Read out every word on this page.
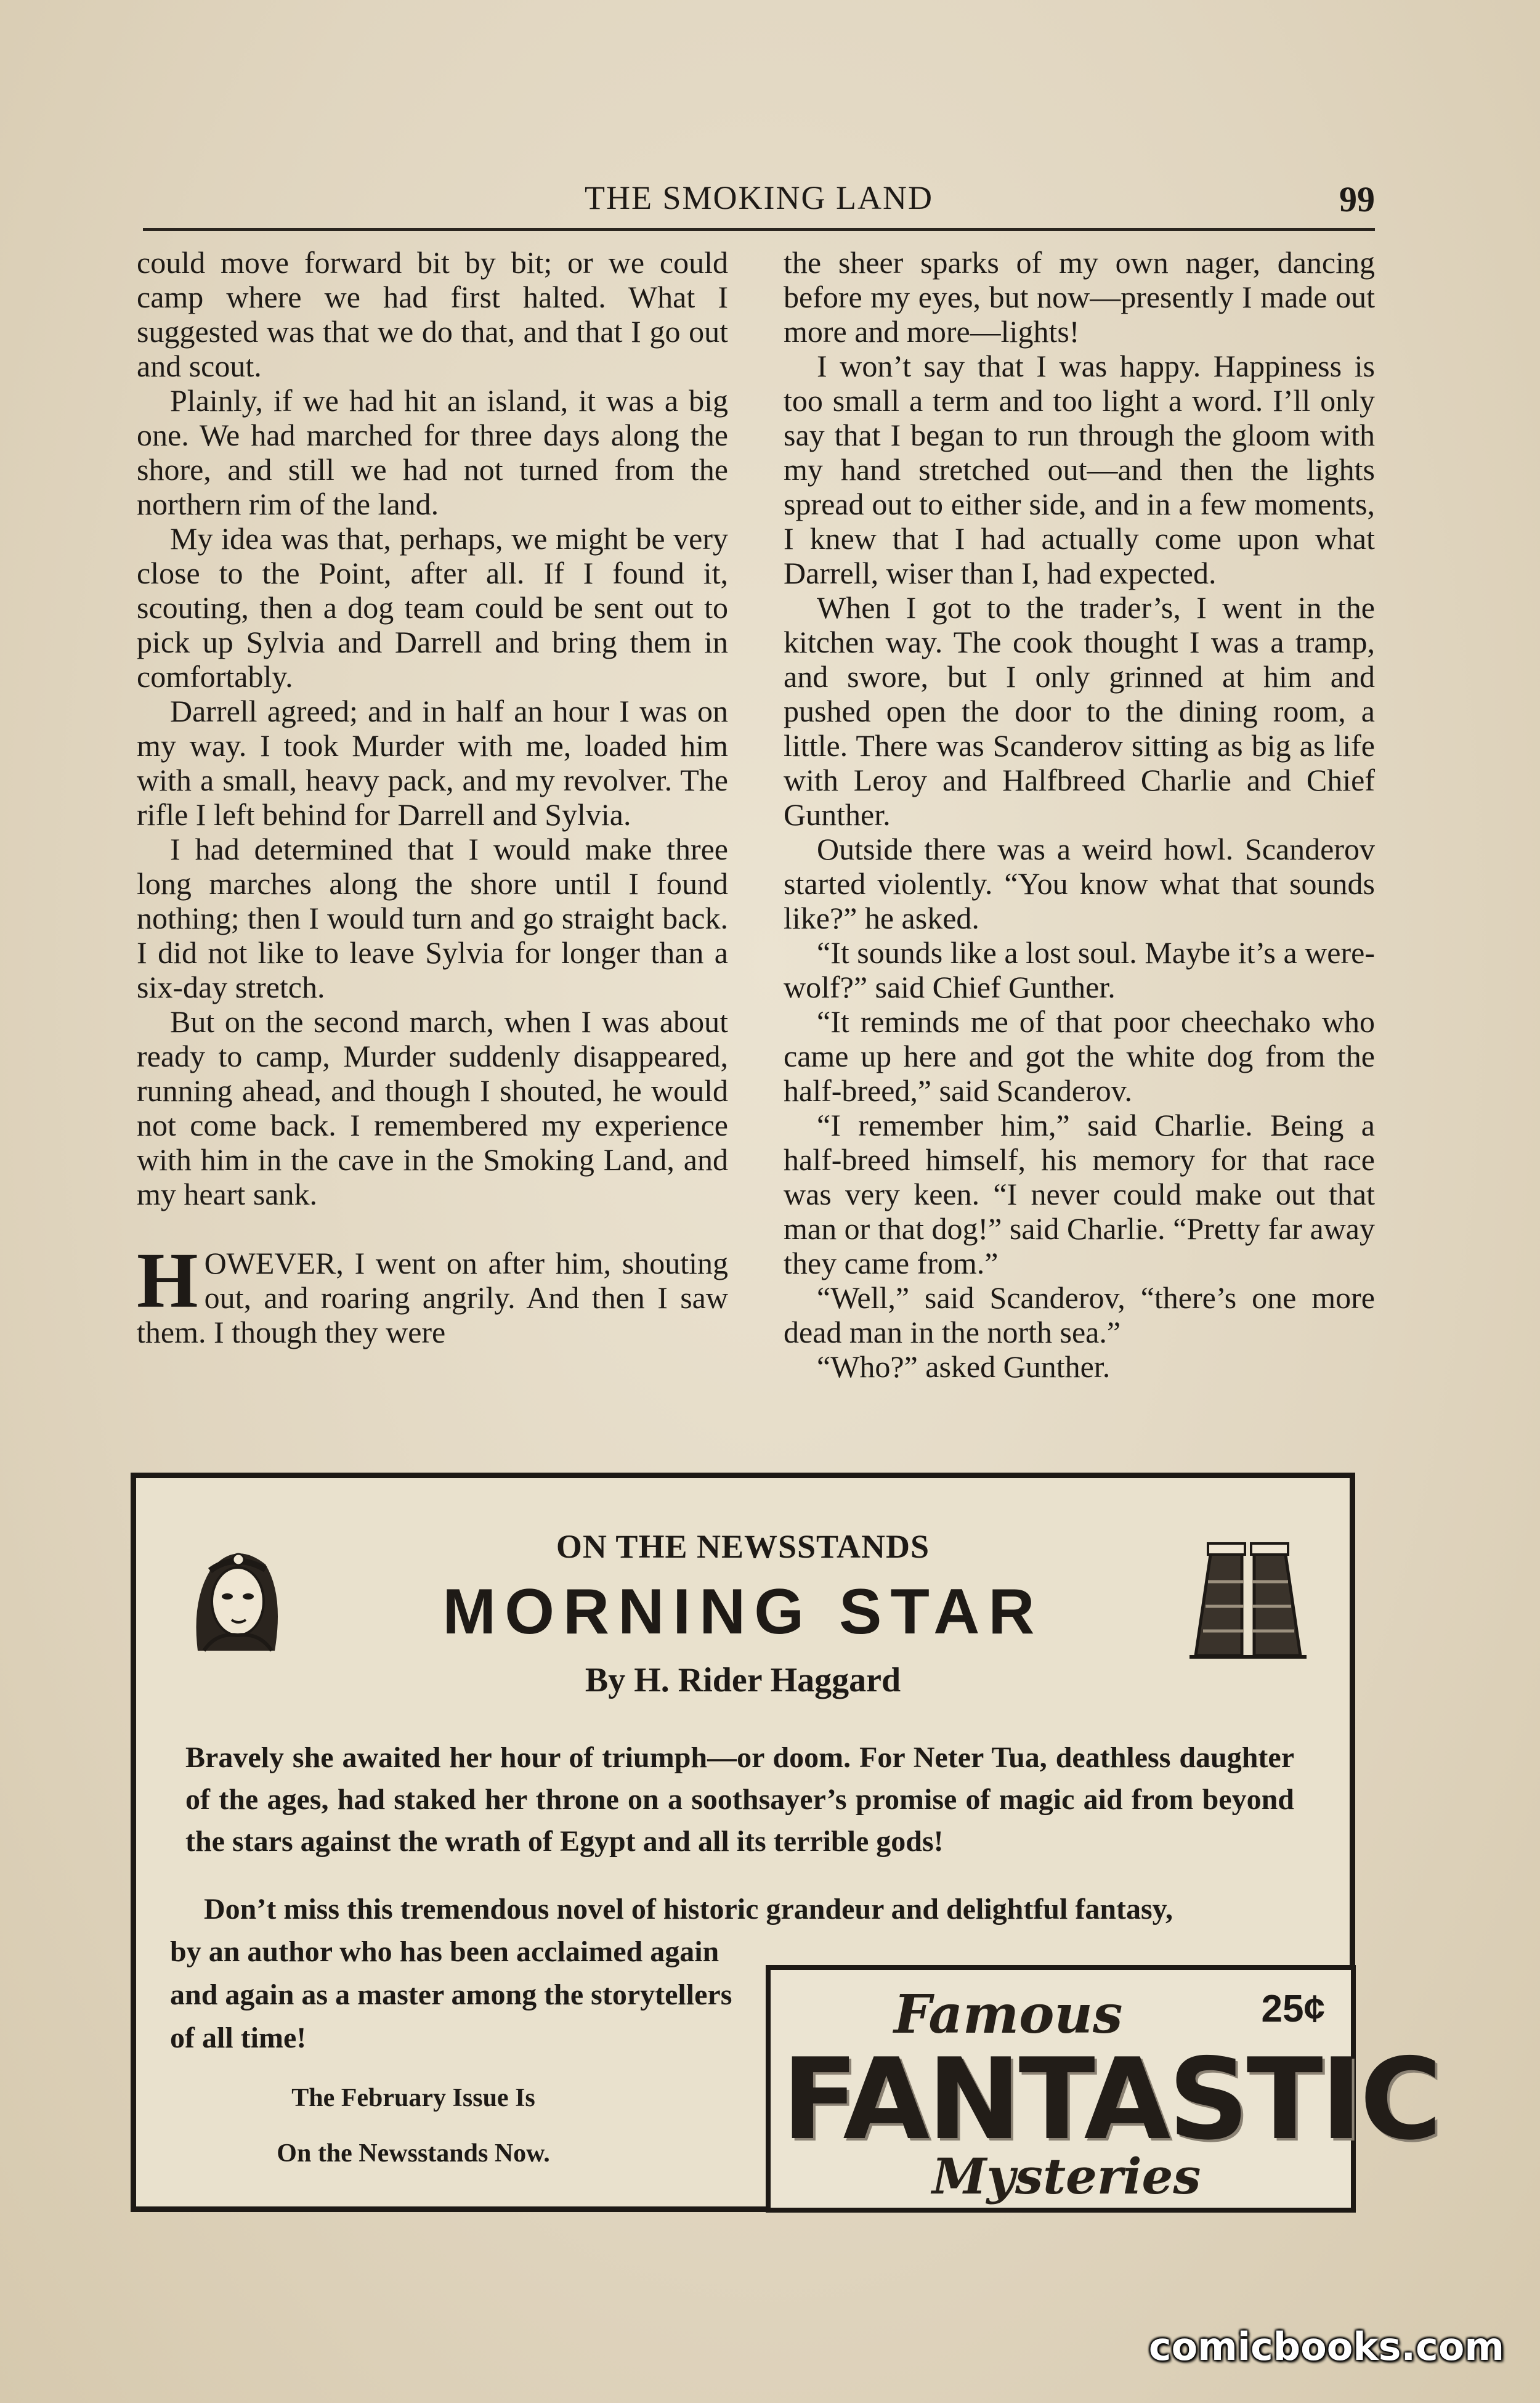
THE SMOKING LAND	99

could move forward bit by bit; or we could camp where we had first halted. What I suggested was that we do that, and that I go out and scout.

Plainly, if we had hit an island, it was a big one. We had marched for three days along the shore, and still we had not turned from the northern rim of the land.

My idea was that, perhaps, we might be very close to the Point, after all. If I found it, scouting, then a dog team could be sent out to pick up Sylvia and Darrell and bring them in comfortably.

Darrell agreed; and in half an hour I was on my way. I took Murder with me, loaded him with a small, heavy pack, and my revolver. The rifle I left behind for Darrell and Sylvia.

I had determined that I would make three long marches along the shore until I found nothing; then I would turn and go straight back. I did not like to leave Sylvia for longer than a six-day stretch.

But on the second march, when I was about ready to camp, Murder suddenly disappeared, running ahead, and though I shouted, he would not come back. I remembered my experience with him in the cave in the Smoking Land, and my heart sank.

HOWEVER, I went on after him, shouting out, and roaring angrily. And then I saw them. I though they were

the sheer sparks of my own nager, dancing before my eyes, but now—presently I made out more and more—lights!

I won’t say that I was happy. Happiness is too small a term and too light a word. I’ll only say that I began to run through the gloom with my hand stretched out—and then the lights spread out to either side, and in a few moments, I knew that I had actually come upon what Darrell, wiser than I, had expected.

When I got to the trader’s, I went in the kitchen way. The cook thought I was a tramp, and swore, but I only grinned at him and pushed open the door to the dining room, a little. There was Scanderov sitting as big as life with Leroy and Halfbreed Charlie and Chief Gunther.

Outside there was a weird howl. Scanderov started violently. “You know what that sounds like?” he asked.

“It sounds like a lost soul. Maybe it’s a were-wolf?” said Chief Gunther.

“It reminds me of that poor cheechako who came up here and got the white dog from the half-breed,” said Scanderov.

“I remember him,” said Charlie. Being a half-breed himself, his memory for that race was very keen. “I never could make out that man or that dog!” said Charlie. “Pretty far away they came from.”

“Well,” said Scanderov, “there’s one more dead man in the north sea.”

“Who?” asked Gunther.

ON THE NEWSSTANDS
MORNING STAR
By H. Rider Haggard
Bravely she awaited her hour of triumph—or doom. For Neter Tua, deathless daughter of the ages, had staked her throne on a soothsayer’s promise of magic aid from beyond the stars against the wrath of Egypt and all its terrible gods!
Don’t miss this tremendous novel of historic grandeur and delightful fantasy,
by an author who has been acclaimed again and again as a master among the storytellers of all time!
The February Issue Is
On the Newsstands Now.
Famous	25¢
FANTASTIC
Mysteries
comicbooks.com
